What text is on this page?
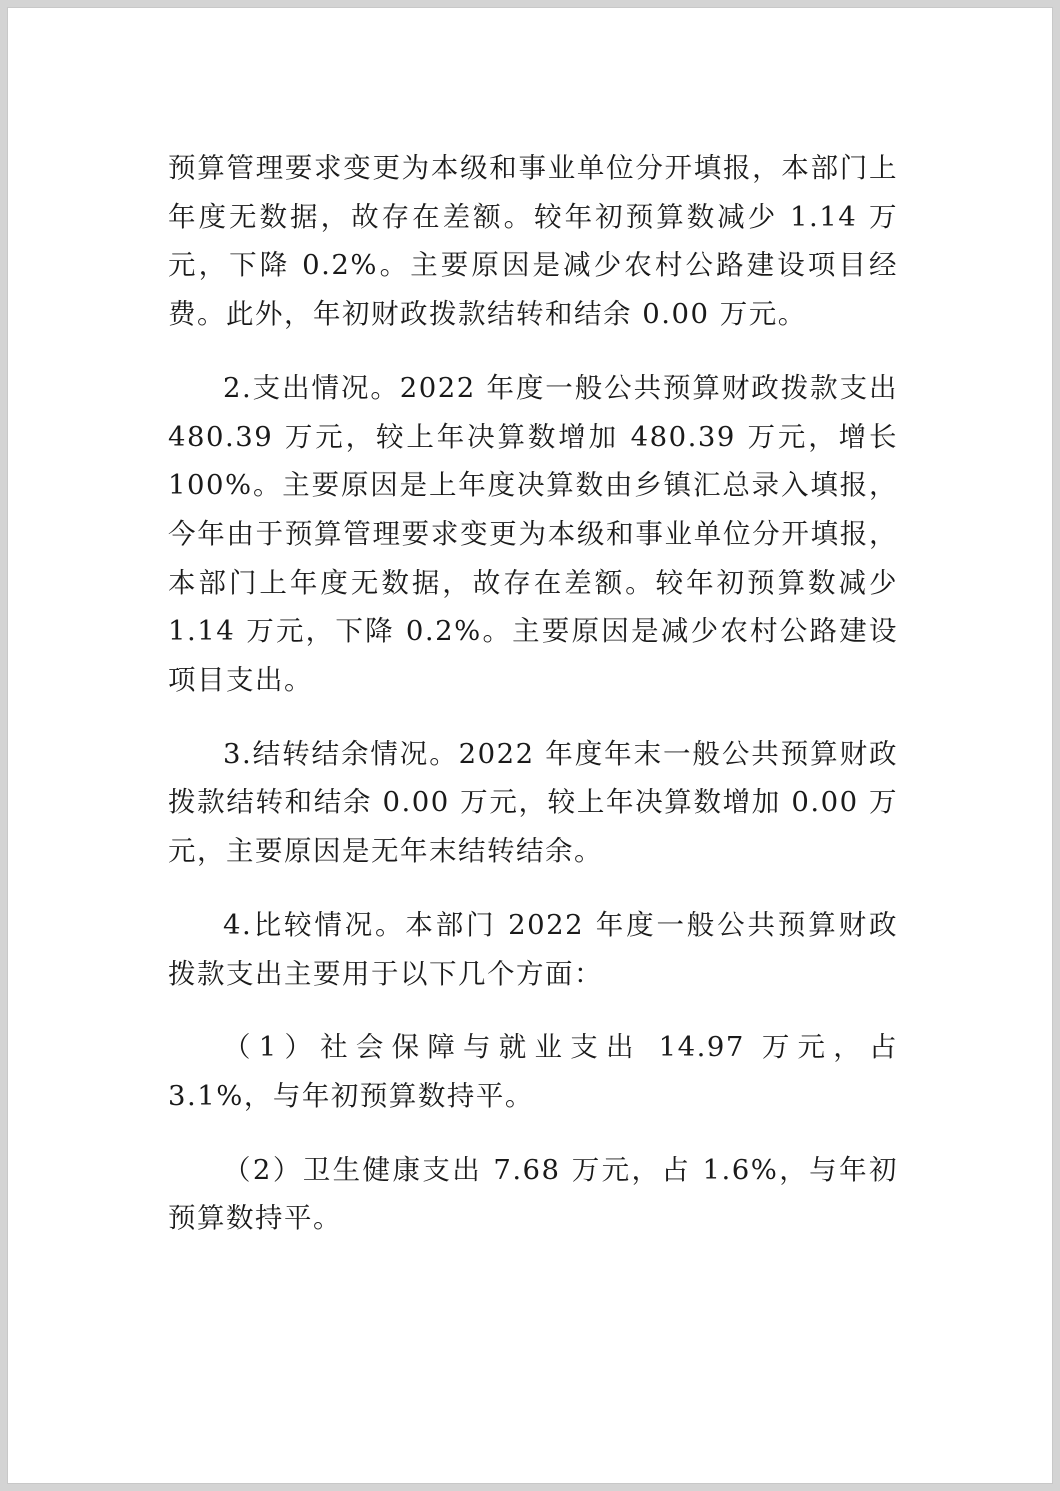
预算管理要求变更为本级和事业单位分开填报，本部门上年度无数据，故存在差额。较年初预算数减少 1.14 万元，下降 0.2%。主要原因是减少农村公路建设项目经费。此外，年初财政拨款结转和结余 0.00 万元。

2.支出情况。2022 年度一般公共预算财政拨款支出 480.39 万元，较上年决算数增加 480.39 万元，增长 100%。主要原因是上年度决算数由乡镇汇总录入填报，今年由于预算管理要求变更为本级和事业单位分开填报，本部门上年度无数据，故存在差额。较年初预算数减少 1.14 万元，下降 0.2%。主要原因是减少农村公路建设项目支出。

3.结转结余情况。2022 年度年末一般公共预算财政拨款结转和结余 0.00 万元，较上年决算数增加 0.00 万元，主要原因是无年末结转结余。

4.比较情况。本部门 2022 年度一般公共预算财政拨款支出主要用于以下几个方面：

（1）社会保障与就业支出 14.97 万元，占 3.1%，与年初预算数持平。

（2）卫生健康支出 7.68 万元，占 1.6%，与年初预算数持平。
